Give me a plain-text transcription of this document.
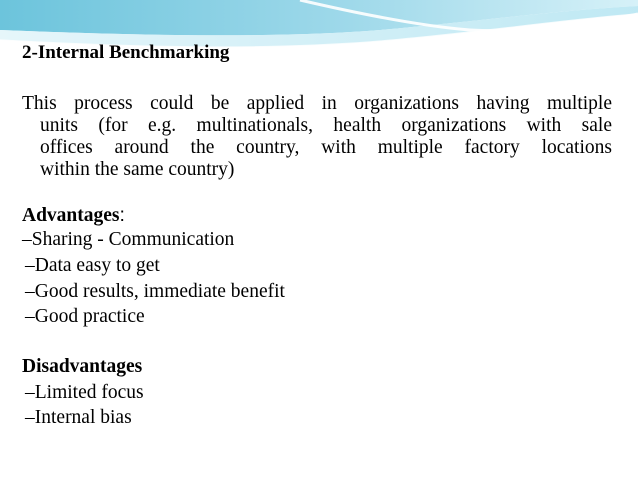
2-Internal Benchmarking
This process could be applied in organizations having multiple
units (for e.g. multinationals, health organizations with sale
offices around the country, with multiple factory locations
within the same country)
Advantages:
–Sharing - Communication
–Data easy to get
–Good results, immediate benefit
–Good practice
Disadvantages
–Limited focus
–Internal bias
